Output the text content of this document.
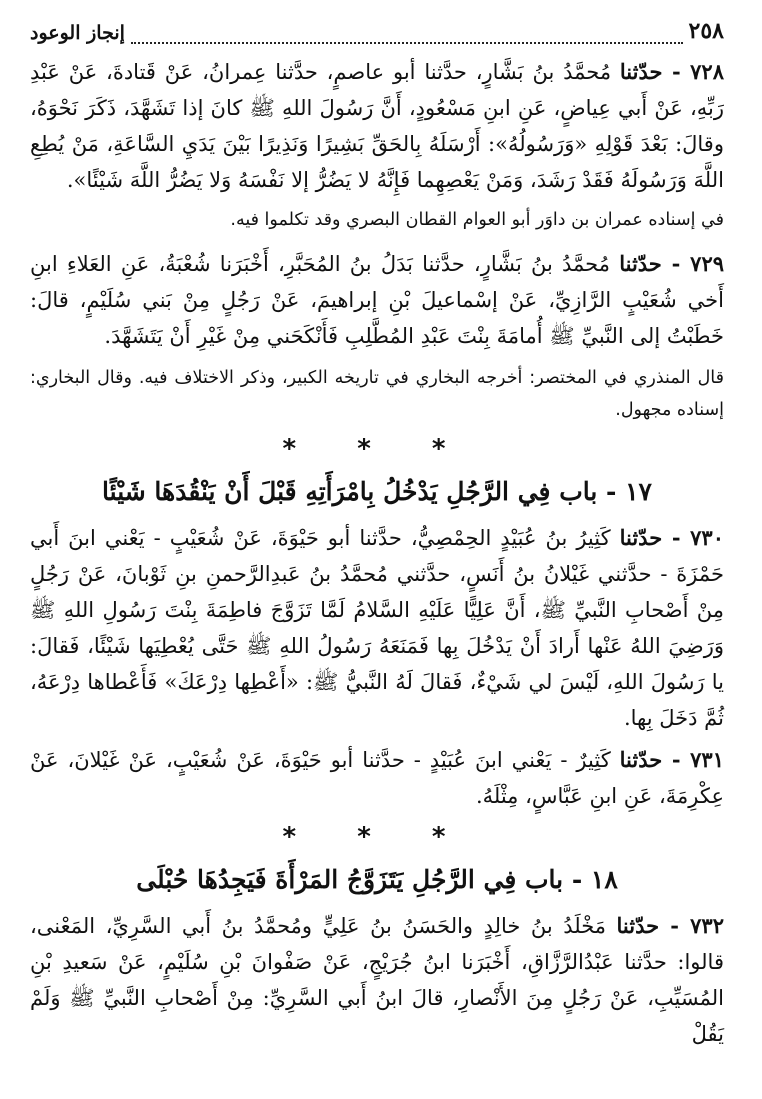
٢٥٨
إنجاز الوعود

٧٢٨ - حدّثنا مُحمَّدُ بنُ بَشَّارٍ، حدَّثنا أبو عاصمٍ، حدَّثنا عِمرانُ، عَنْ قَتادةَ، عَنْ عَبْدِ رَبِّهِ، عَنْ أَبي عِياضٍ، عَنِ ابنِ مَسْعُودٍ، أَنَّ رَسُولَ اللهِ ﷺ كانَ إذا تَشَهَّدَ، ذَكَرَ نَحْوَهُ، وقالَ: بَعْدَ قَوْلِهِ «وَرَسُولُهُ»: أَرْسَلَهُ بِالحَقِّ بَشِيرًا وَنَذِيرًا بَيْنَ يَدَيِ السَّاعَةِ، مَنْ يُطِعِ اللَّهَ وَرَسُولَهُ فَقَدْ رَشَدَ، وَمَنْ يَعْصِهِما فَإِنَّهُ لا يَضُرُّ إلا نَفْسَهُ وَلا يَضُرُّ اللَّهَ شَيْئًا».

في إسناده عمران بن داوَر أبو العوام القطان البصري وقد تكلموا فيه.

٧٢٩ - حدّثنا مُحمَّدُ بنُ بَشَّارٍ، حدَّثنا بَدَلُ بنُ المُحَبَّرِ، أَخْبَرَنا شُعْبَةُ، عَنِ العَلاءِ ابنِ أَخي شُعَيْبٍ الرَّازِيِّ، عَنْ إسْماعيلَ بْنِ إبراهيمَ، عَنْ رَجُلٍ مِنْ بَني سُلَيْمٍ، قالَ: خَطَبْتُ إلى النَّبيِّ ﷺ أُمامَةَ بِنْتَ عَبْدِ المُطَّلِبِ فَأَنْكَحَني مِنْ غَيْرِ أَنْ يَتَشَهَّدَ.

قال المنذري في المختصر: أخرجه البخاري في تاريخه الكبير، وذكر الاختلاف فيه. وقال البخاري: إسناده مجهول.

* * *
١٧ - باب فِي الرَّجُلِ يَدْخُلُ بِامْرَأَتِهِ قَبْلَ أَنْ يَنْقُدَهَا شَيْئًا

٧٣٠ - حدّثنا كَثِيرُ بنُ عُبَيْدٍ الحِمْصِيُّ، حدَّثنا أبو حَيْوَةَ، عَنْ شُعَيْبٍ - يَعْني ابنَ أَبي حَمْزَةَ - حدَّثني غَيْلانُ بنُ أَنَسٍ، حدَّثني مُحمَّدُ بنُ عَبدِالرَّحمنِ بنِ ثَوْبانَ، عَنْ رَجُلٍ مِنْ أَصْحابِ النَّبيِّ ﷺ، أَنَّ عَلِيًّا عَلَيْهِ السَّلامُ لَمَّا تَزَوَّجَ فاطِمَةَ بِنْتَ رَسُولِ اللهِ ﷺ وَرَضِيَ اللهُ عَنْها أَرادَ أَنْ يَدْخُلَ بِها فَمَنَعَهُ رَسُولُ اللهِ ﷺ حَتَّى يُعْطِيَها شَيْئًا، فَقالَ: يا رَسُولَ اللهِ، لَيْسَ لي شَيْءٌ، فَقالَ لَهُ النَّبيُّ ﷺ: «أَعْطِها دِرْعَكَ» فَأَعْطاها دِرْعَهُ، ثُمَّ دَخَلَ بِها.

٧٣١ - حدّثنا كَثِيرٌ - يَعْني ابنَ عُبَيْدٍ - حدَّثنا أبو حَيْوَةَ، عَنْ شُعَيْبٍ، عَنْ غَيْلانَ، عَنْ عِكْرِمَةَ، عَنِ ابنِ عَبَّاسٍ، مِثْلَهُ.

* * *
١٨ - باب فِي الرَّجُلِ يَتَزَوَّجُ المَرْأَةَ فَيَجِدُهَا حُبْلَى

٧٣٢ - حدّثنا مَخْلَدُ بنُ خالِدٍ والحَسَنُ بنُ عَلِيٍّ ومُحمَّدُ بنُ أَبي السَّرِيِّ، المَعْنى، قالوا: حدَّثنا عَبْدُالرَّزَّاقِ، أَخْبَرَنا ابنُ جُرَيْجٍ، عَنْ صَفْوانَ بْنِ سُلَيْمٍ، عَنْ سَعيدِ بْنِ المُسَيِّبِ، عَنْ رَجُلٍ مِنَ الأَنْصارِ، قالَ ابنُ أَبي السَّرِيِّ: مِنْ أَصْحابِ النَّبيِّ ﷺ وَلَمْ يَقُلْ
